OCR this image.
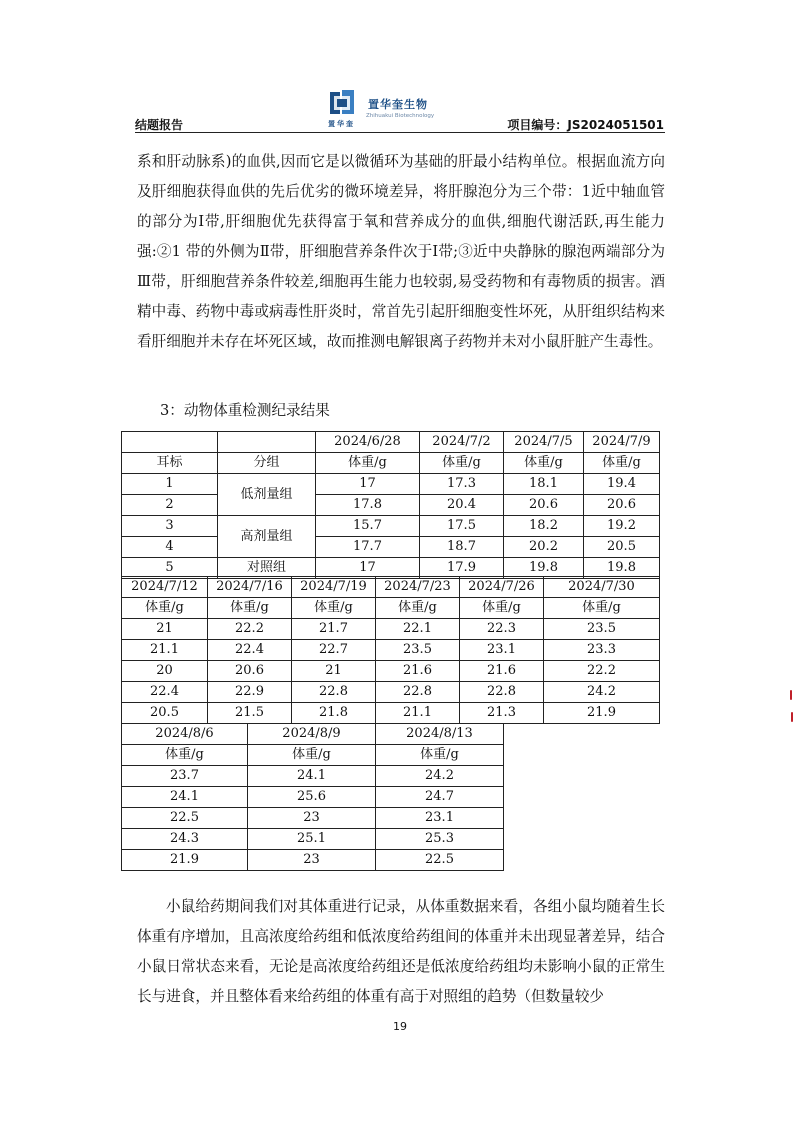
结题报告
置华奎生物
Zhihuakui Biotechnology
置华奎	项目编号：JS2024051501
系和肝动脉系)的血供,因而它是以微循环为基础的肝最小结构单位。根据血流方向及肝细胞获得血供的先后优劣的微环境差异，将肝腺泡分为三个带：1近中轴血管的部分为Ⅰ带,肝细胞优先获得富于氧和营养成分的血供,细胞代谢活跃,再生能力强:②1 带的外侧为Ⅱ带，肝细胞营养条件次于Ⅰ带;③近中央静脉的腺泡两端部分为Ⅲ带，肝细胞营养条件较差,细胞再生能力也较弱,易受药物和有毒物质的损害。酒精中毒、药物中毒或病毒性肝炎时，常首先引起肝细胞变性坏死，从肝组织结构来看肝细胞并未存在坏死区域，故而推测电解银离子药物并未对小鼠肝脏产生毒性。
3：动物体重检测纪录结果
		2024/6/28	2024/7/2	2024/7/5	2024/7/9
耳标	分组	体重/g	体重/g	体重/g	体重/g
1	低剂量组	17	17.3	18.1	19.4
2		17.8	20.4	20.6	20.6
3	高剂量组	15.7	17.5	18.2	19.2
4		17.7	18.7	20.2	20.5
5	对照组	17	17.9	19.8	19.8
2024/7/12	2024/7/16	2024/7/19	2024/7/23	2024/7/26	2024/7/30
体重/g	体重/g	体重/g	体重/g	体重/g	体重/g
21	22.2	21.7	22.1	22.3	23.5
21.1	22.4	22.7	23.5	23.1	23.3
20	20.6	21	21.6	21.6	22.2
22.4	22.9	22.8	22.8	22.8	24.2
20.5	21.5	21.8	21.1	21.3	21.9
2024/8/6	2024/8/9	2024/8/13
体重/g	体重/g	体重/g
23.7	24.1	24.2
24.1	25.6	24.7
22.5	23	23.1
24.3	25.1	25.3
21.9	23	22.5
小鼠给药期间我们对其体重进行记录，从体重数据来看，各组小鼠均随着生长体重有序增加，且高浓度给药组和低浓度给药组间的体重并未出现显著差异，结合小鼠日常状态来看，无论是高浓度给药组还是低浓度给药组均未影响小鼠的正常生长与进食，并且整体看来给药组的体重有高于对照组的趋势（但数量较少
19
